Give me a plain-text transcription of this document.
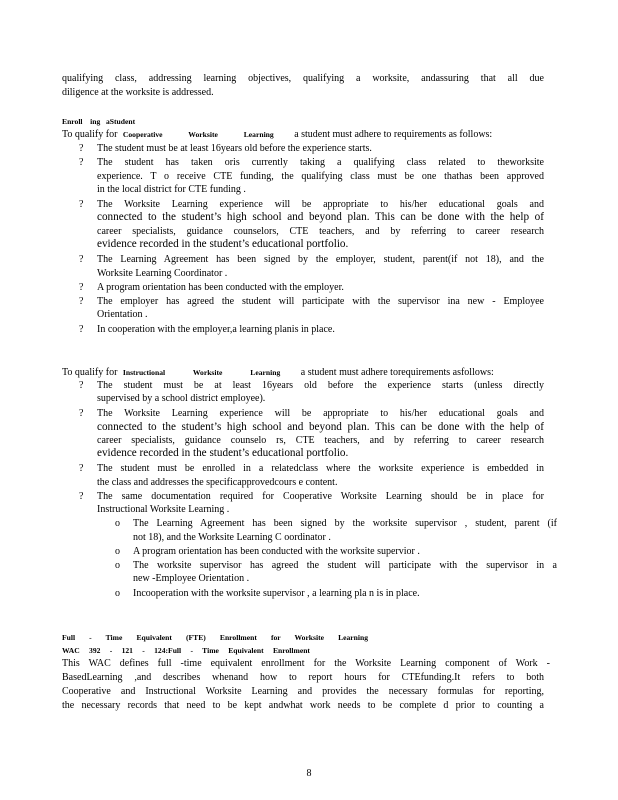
qualifying class, addressing learning objectives, qualifying a worksite, andassuring that all due
diligence at the worksite is addressed.
Enroll ing aStudent
To qualify for Cooperative Worksite Learning a student must adhere to requirements as follows:
? The student must be at least 16years old before the experience starts.
? The student has taken oris currently taking a qualifying class related to theworksite
experience. T o receive CTE funding, the qualifying class must be one thathas been approved
in the local district for CTE funding .
? The Worksite Learning experience will be appropriate to his/her educational goals and
connected to the student’s high school and beyond plan. This can be done with the help of
career specialists, guidance counselors, CTE teachers, and by referring to career research
evidence recorded in the student’s educational portfolio.
? The Learning Agreement has been signed by the employer, student, parent(if not 18), and the
Worksite Learning Coordinator .
? A program orientation has been conducted with the employer.
? The employer has agreed the student will participate with the supervisor ina new - Employee
Orientation .
? In cooperation with the employer,a learning planis in place.
To qualify for Instructional Worksite Learning a student must adhere torequirements asfollows:
? The student must be at least 16years old before the experience starts (unless directly
supervised by a school district employee).
? The Worksite Learning experience will be appropriate to his/her educational goals and
connected to the student’s high school and beyond plan. This can be done with the help of
career specialists, guidance counselo rs, CTE teachers, and by referring to career research
evidence recorded in the student’s educational portfolio.
? The student must be enrolled in a relatedclass where the worksite experience is embedded in
the class and addresses the specificapprovedcours e content.
? The same documentation required for Cooperative Worksite Learning should be in place for
Instructional Worksite Learning .
o The Learning Agreement has been signed by the worksite supervisor , student, parent (if
not 18), and the Worksite Learning C oordinator .
o A program orientation has been conducted with the worksite supervior .
o The worksite supervisor has agreed the student will participate with the supervisor in a
new -Employee Orientation .
o Incooperation with the worksite supervisor , a learning pla n is in place.
Full - Time Equivalent (FTE) Enrollment for Worksite Learning
WAC 392 - 121 - 124:Full - Time Equivalent Enrollment
This WAC defines full -time equivalent enrollment for the Worksite Learning component of Work -
BasedLearning ,and describes whenand how to report hours for CTEfunding.It refers to both
Cooperative and Instructional Worksite Learning and provides the necessary formulas for reporting,
the necessary records that need to be kept andwhat work needs to be complete d prior to counting a
8
